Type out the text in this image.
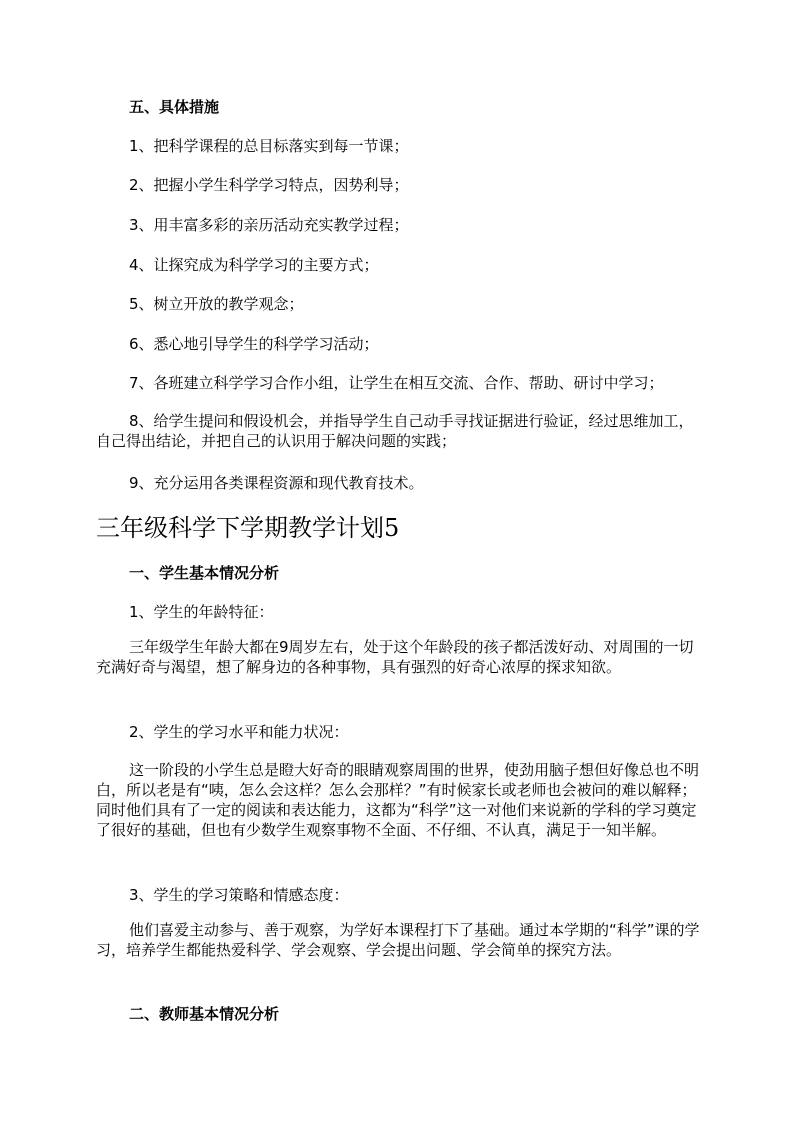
五、具体措施
1、把科学课程的总目标落实到每一节课；
2、把握小学生科学学习特点，因势利导；
3、用丰富多彩的亲历活动充实教学过程；
4、让探究成为科学学习的主要方式；
5、树立开放的教学观念；
6、悉心地引导学生的科学学习活动；
7、各班建立科学学习合作小组，让学生在相互交流、合作、帮助、研讨中学习；
8、给学生提问和假设机会，并指导学生自己动手寻找证据进行验证，经过思维加工，自己得出结论，并把自己的认识用于解决问题的实践；
9、充分运用各类课程资源和现代教育技术。
三年级科学下学期教学计划5
一、学生基本情况分析
1、学生的年龄特征：
三年级学生年龄大都在9周岁左右，处于这个年龄段的孩子都活泼好动、对周围的一切充满好奇与渴望，想了解身边的各种事物，具有强烈的好奇心浓厚的探求知欲。
2、学生的学习水平和能力状况：
这一阶段的小学生总是瞪大好奇的眼睛观察周围的世界，使劲用脑子想但好像总也不明白，所以老是有“咦，怎么会这样？怎么会那样？”有时候家长或老师也会被问的难以解释；同时他们具有了一定的阅读和表达能力，这都为“科学”这一对他们来说新的学科的学习奠定了很好的基础，但也有少数学生观察事物不全面、不仔细、不认真，满足于一知半解。
3、学生的学习策略和情感态度：
他们喜爱主动参与、善于观察，为学好本课程打下了基础。通过本学期的“科学”课的学习，培养学生都能热爱科学、学会观察、学会提出问题、学会简单的探究方法。
二、教师基本情况分析
